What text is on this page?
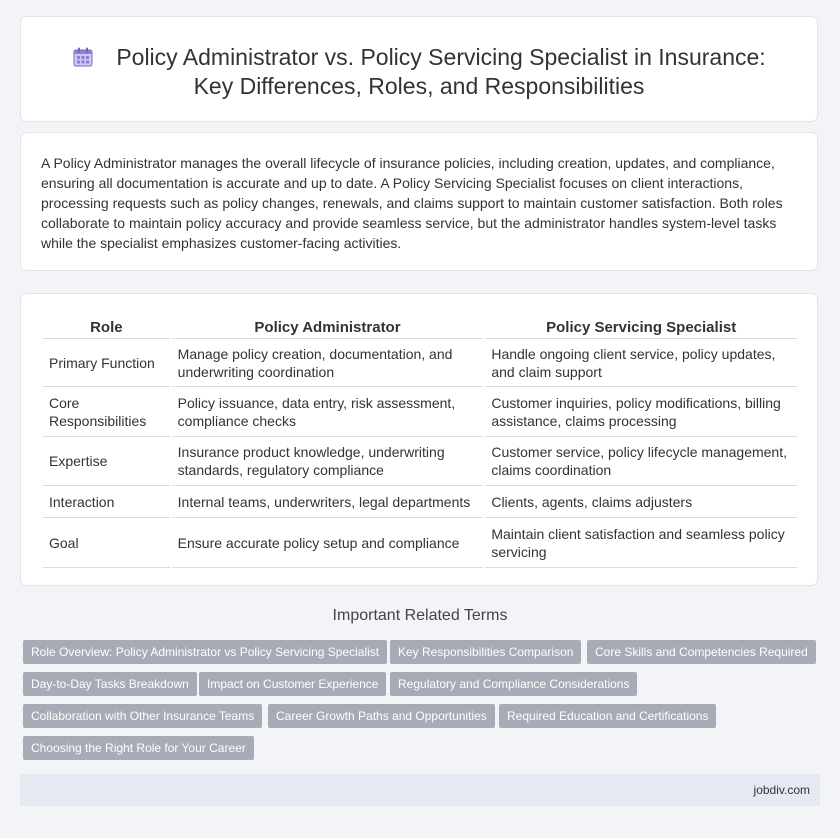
Policy Administrator vs. Policy Servicing Specialist in Insurance:
Key Differences, Roles, and Responsibilities
A Policy Administrator manages the overall lifecycle of insurance policies, including creation, updates, and compliance, ensuring all documentation is accurate and up to date. A Policy Servicing Specialist focuses on client interactions, processing requests such as policy changes, renewals, and claims support to maintain customer satisfaction. Both roles collaborate to maintain policy accuracy and provide seamless service, but the administrator handles system-level tasks while the specialist emphasizes customer-facing activities.
Role	Policy Administrator	Policy Servicing Specialist
Primary Function	Manage policy creation, documentation, and underwriting coordination	Handle ongoing client service, policy updates, and claim support
Core Responsibilities	Policy issuance, data entry, risk assessment, compliance checks	Customer inquiries, policy modifications, billing assistance, claims processing
Expertise	Insurance product knowledge, underwriting standards, regulatory compliance	Customer service, policy lifecycle management, claims coordination
Interaction	Internal teams, underwriters, legal departments	Clients, agents, claims adjusters
Goal	Ensure accurate policy setup and compliance	Maintain client satisfaction and seamless policy servicing
Important Related Terms
Role Overview: Policy Administrator vs Policy Servicing Specialist	Key Responsibilities Comparison	Core Skills and Competencies Required
Day-to-Day Tasks Breakdown	Impact on Customer Experience	Regulatory and Compliance Considerations
Collaboration with Other Insurance Teams	Career Growth Paths and Opportunities	Required Education and Certifications
Choosing the Right Role for Your Career
jobdiv.com
